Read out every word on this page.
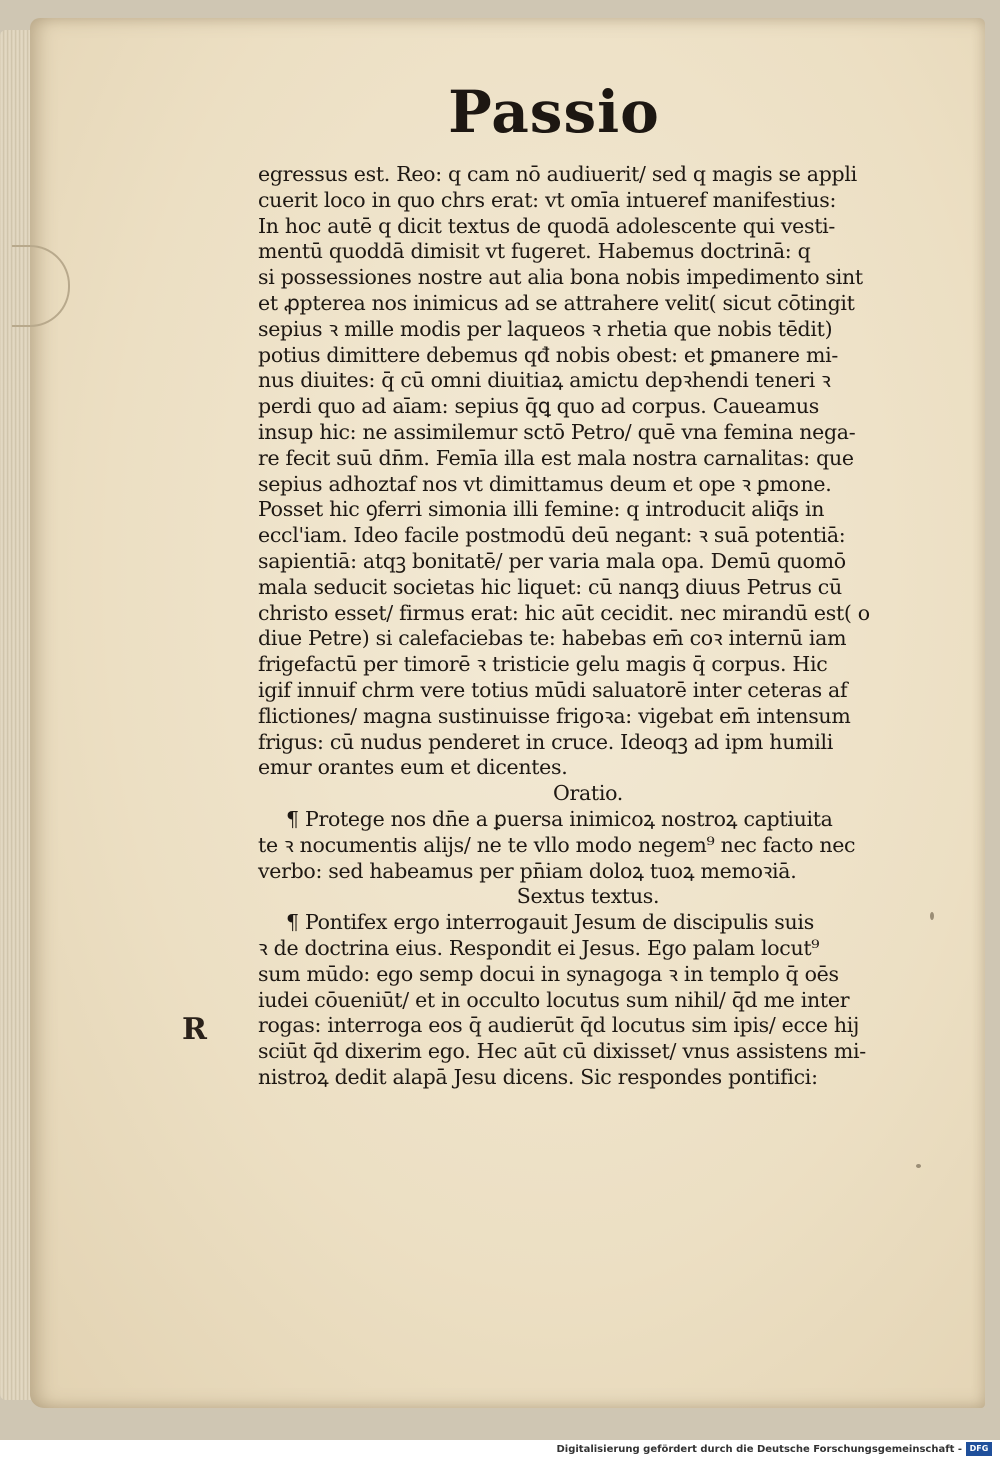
Passio
R
egressus est. Reo: q cam nō audiuerit/ sed q magis se appli
cuerit loco in quo chrs erat: vt omīa intueref manifestius:
In hoc autē q dicit textus de quodā adolescente qui vesti-
mentū quoddā dimisit vt fugeret. Habemus doctrinā: q
si possessiones nostre aut alia bona nobis impedimento sint
et ꝓpterea nos inimicus ad se attrahere velit( sicut cōtingit
sepius ꝛ mille modis per laqueos ꝛ rhetia que nobis tēdit)
potius dimittere debemus qđ nobis obest: et ꝑmanere mi-
nus diuites: q̄ cū omni diuitiaꝝ amictu depꝛhendi teneri ꝛ
perdi quo ad aīam: sepius q̄ꝗ quo ad corpus. Caueamus
insup hic: ne assimilemur sctō Petro/ quē vna femina nega-
re fecit suū dn̄m. Femīa illa est mala nostra carnalitas: que
sepius adhoztaf nos vt dimittamus deum et ope ꝛ ꝑmone.
Posset hic ꝯferri simonia illi femine: q introducit aliq̄s in
eccl'iam. Ideo facile postmodū deū negant: ꝛ suā potentiā:
sapientiā: atqꝫ bonitatē/ per varia mala opa. Demū quomō
mala seducit societas hic liquet: cū nanqꝫ diuus Petrus cū
christo esset/ firmus erat: hic aūt cecidit. nec mirandū est( o
diue Petre) si calefaciebas te: habebas em̄ coꝛ internū iam
frigefactū per timorē ꝛ tristicie gelu magis q̄ corpus. Hic
igif innuif chrm vere totius mūdi saluatorē inter ceteras af
flictiones/ magna sustinuisse frigoꝛa: vigebat em̄ intensum
frigus: cū nudus penderet in cruce. Ideoqꝫ ad ipm humili
emur orantes eum et dicentes.
Oratio.
¶ Protege nos dn̄e a ꝑuersa inimicoꝝ nostroꝝ captiuita
te ꝛ nocumentis alijs/ ne te vllo modo negem⁹ nec facto nec
verbo: sed habeamus per pn̄iam doloꝝ tuoꝝ memoꝛiā.
Sextus textus.
¶ Pontifex ergo interrogauit Jesum de discipulis suis
ꝛ de doctrina eius. Respondit ei Jesus. Ego palam locut⁹
sum mūdo: ego semp docui in synagoga ꝛ in templo q̄ oēs
iudei cōueniūt/ et in occulto locutus sum nihil/ q̄d me inter
rogas: interroga eos q̄ audierūt q̄d locutus sim ipis/ ecce hij
sciūt q̄d dixerim ego. Hec aūt cū dixisset/ vnus assistens mi-
nistroꝝ dedit alapā Jesu dicens. Sic respondes pontifici:
Digitalisierung gefördert durch die Deutsche Forschungsgemeinschaft - DFG
